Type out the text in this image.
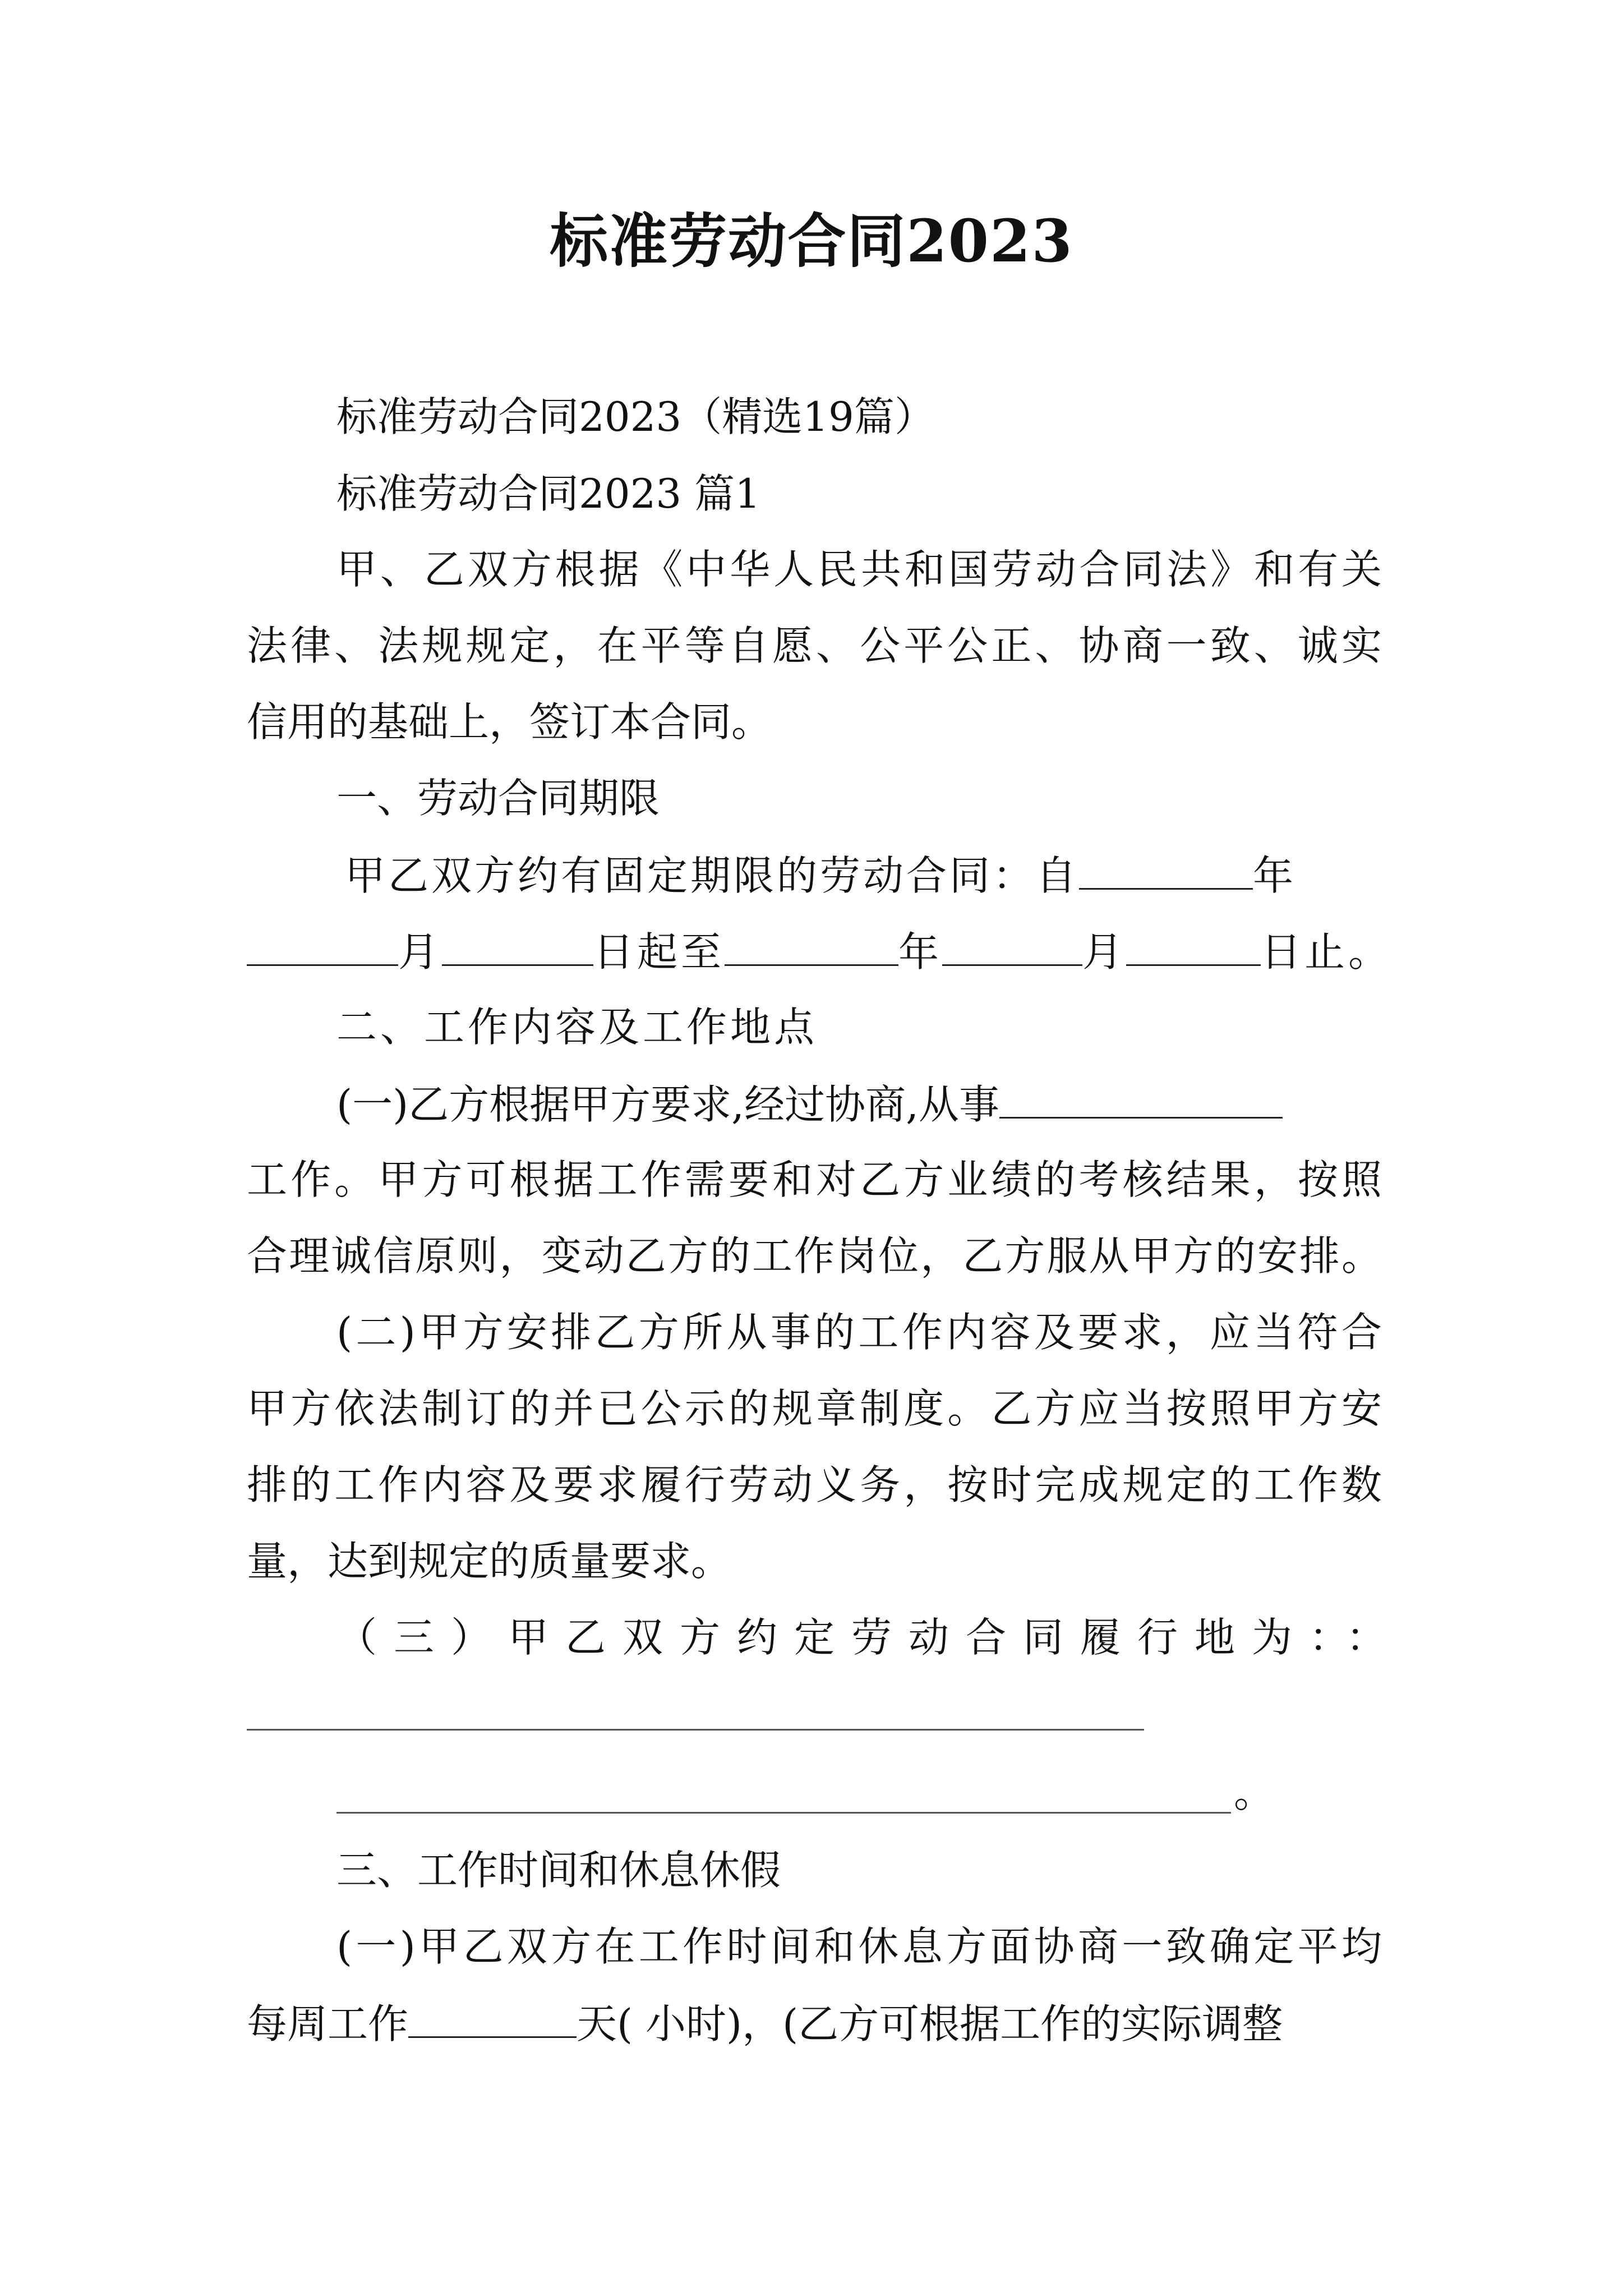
标准劳动合同2023
标准劳动合同2023（精选19篇）
标准劳动合同2023 篇1
甲、乙双方根据《中华人民共和国劳动合同法》和有关
法律、法规规定，在平等自愿、公平公正、协商一致、诚实
信用的基础上，签订本合同。
一、劳动合同期限
甲乙双方约有固定期限的劳动合同：自	年
月	日起至	年	月	日止。
二、工作内容及工作地点
(一)乙方根据甲方要求,经过协商,从事
工作。甲方可根据工作需要和对乙方业绩的考核结果，按照
合理诚信原则，变动乙方的工作岗位，乙方服从甲方的安排。
(二)甲方安排乙方所从事的工作内容及要求，应当符合
甲方依法制订的并已公示的规章制度。乙方应当按照甲方安
排的工作内容及要求履行劳动义务，按时完成规定的工作数
量，达到规定的质量要求。
（三）甲乙双方约定劳动合同履行地为：：
。
三、工作时间和休息休假
(一)甲乙双方在工作时间和休息方面协商一致确定平均
每周工作	天( 小时)，(乙方可根据工作的实际调整
